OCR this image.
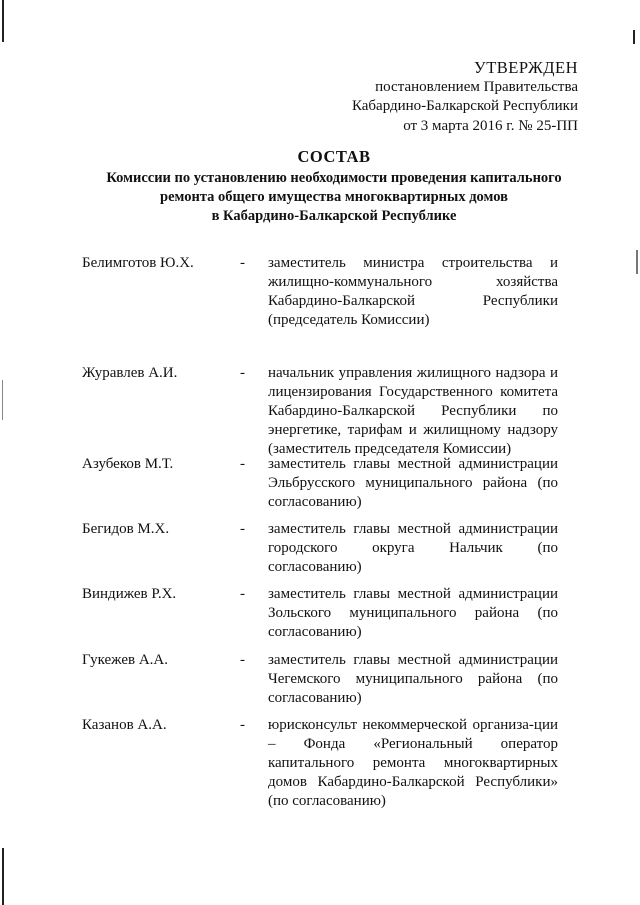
УТВЕРЖДЕН
постановлением Правительства
Кабардино-Балкарской Республики
от 3 марта 2016 г. № 25-ПП
СОСТАВ
Комиссии по установлению необходимости проведения капитального
ремонта общего имущества многоквартирных домов
в Кабардино-Балкарской Республике
Белимготов Ю.Х.	-	заместитель министра строительства и жилищно-коммунального хозяйства Кабардино-Балкарской Республики (председатель Комиссии)
Журавлев А.И.	-	начальник управления жилищного надзора и лицензирования Государственного комитета Кабардино-Балкарской Республики по энергетике, тарифам и жилищному надзору (заместитель председателя Комиссии)
Азубеков М.Т.	-	заместитель главы местной администрации Эльбрусского муниципального района (по согласованию)
Бегидов М.Х.	-	заместитель главы местной администрации городского округа Нальчик (по согласованию)
Виндижев Р.Х.	-	заместитель главы местной администрации Зольского муниципального района (по согласованию)
Гукежев А.А.	-	заместитель главы местной администрации Чегемского муниципального района (по согласованию)
Казанов А.А.	-	юрисконсульт некоммерческой организа-ции – Фонда «Региональный оператор капитального ремонта многоквартирных домов Кабардино-Балкарской Республики» (по согласованию)
